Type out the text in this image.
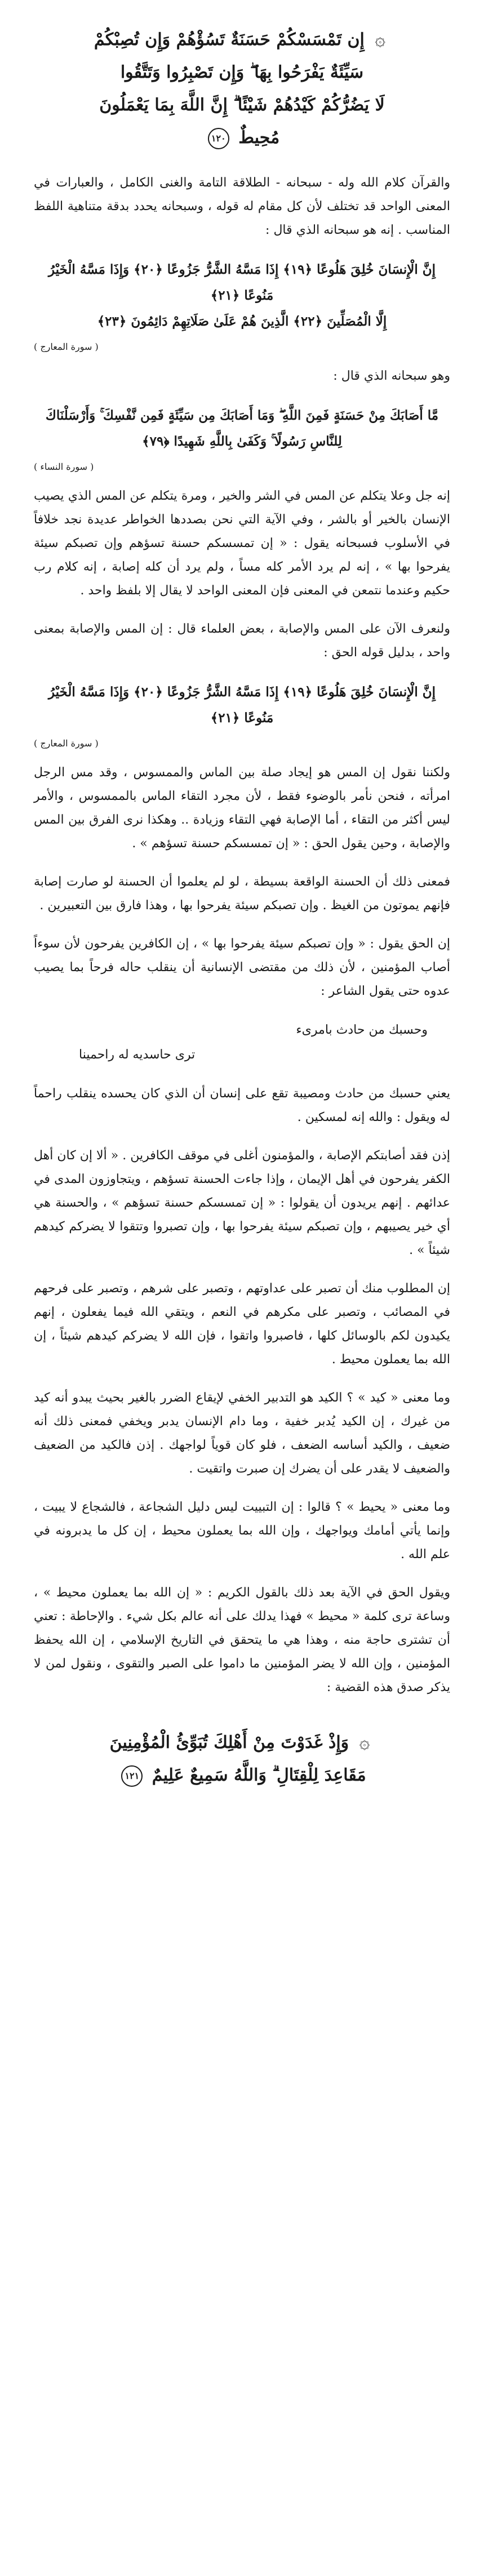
۞ إِن تَمْسَسْكُمْ حَسَنَةٌ تَسُؤْهُمْ وَإِن تُصِبْكُمْ
سَيِّئَةٌ يَفْرَحُوا بِهَا ۖ وَإِن تَصْبِرُوا وَتَتَّقُوا
لَا يَضُرُّكُمْ كَيْدُهُمْ شَيْئًا ۗ إِنَّ اللَّهَ بِمَا يَعْمَلُونَ
مُحِيطٌ ١٢٠

والقرآن كلام الله وله - سبحانه - الطلاقة التامة والغنى الكامل ، والعبارات في المعنى الواحد قد تختلف لأن كل مقام له قوله ، وسبحانه يحدد بدقة متناهية اللفظ المناسب . إنه هو سبحانه الذي قال :

إِنَّ الْإِنسَانَ خُلِقَ هَلُوعًا ﴿١٩﴾ إِذَا مَسَّهُ الشَّرُّ جَزُوعًا ﴿٢٠﴾ وَإِذَا مَسَّهُ الْخَيْرُ مَنُوعًا ﴿٢١﴾
إِلَّا الْمُصَلِّينَ ﴿٢٢﴾ الَّذِينَ هُمْ عَلَىٰ صَلَاتِهِمْ دَائِمُونَ ﴿٢٣﴾
( سورة المعارج )

وهو سبحانه الذي قال :

مَّا أَصَابَكَ مِنْ حَسَنَةٍ فَمِنَ اللَّهِ ۖ وَمَا أَصَابَكَ مِن سَيِّئَةٍ فَمِن نَّفْسِكَ ۚ وَأَرْسَلْنَاكَ
لِلنَّاسِ رَسُولًا ۚ وَكَفَىٰ بِاللَّهِ شَهِيدًا ﴿٧٩﴾
( سورة النساء )

إنه جل وعلا يتكلم عن المس في الشر والخير ، ومرة يتكلم عن المس الذي يصيب الإنسان بالخير أو بالشر ، وفي الآية التي نحن بصددها الخواطر عديدة نجد خلافاً في الأسلوب فسبحانه يقول : « إن تمسسكم حسنة تسؤهم وإن تصبكم سيئة يفرحوا بها » ، إنه لم يرد الأمر كله مساً ، ولم يرد أن كله إصابة ، إنه كلام رب حكيم وعندما نتمعن في المعنى فإن المعنى الواحد لا يقال إلا بلفظ واحد .

ولنعرف الآن على المس والإصابة ، بعض العلماء قال : إن المس والإصابة بمعنى واحد ، بدليل قوله الحق :

إِنَّ الْإِنسَانَ خُلِقَ هَلُوعًا ﴿١٩﴾ إِذَا مَسَّهُ الشَّرُّ جَزُوعًا ﴿٢٠﴾ وَإِذَا مَسَّهُ الْخَيْرُ
مَنُوعًا ﴿٢١﴾
( سورة المعارج )

ولكننا نقول إن المس هو إيجاد صلة بين الماس والممسوس ، وقد مس الرجل امرأته ، فنحن نأمر بالوضوء فقط ، لأن مجرد التقاء الماس بالممسوس ، والأمر ليس أكثر من التقاء ، أما الإصابة فهي التقاء وزيادة .. وهكذا نرى الفرق بين المس والإصابة ، وحين يقول الحق : « إن تمسسكم حسنة تسؤهم » .

فمعنى ذلك أن الحسنة الواقعة بسيطة ، لو لم يعلموا أن الحسنة لو صارت إصابة فإنهم يموتون من الغيظ . وإن تصبكم سيئة يفرحوا بها ، وهذا فارق بين التعبيرين .

إن الحق يقول : « وإن تصبكم سيئة يفرحوا بها » ، إن الكافرين يفرحون لأن سوءاً أصاب المؤمنين ، لأن ذلك من مقتضى الإنسانية أن ينقلب حاله فرحاً بما يصيب عدوه حتى يقول الشاعر :

وحسبك من حادث بامرىء
ترى حاسديه له راحمينا

يعني حسبك من حادث ومصيبة تقع على إنسان أن الذي كان يحسده ينقلب راحماً له ويقول : والله إنه لمسكين .

إذن فقد أصابتكم الإصابة ، والمؤمنون أغلى في موقف الكافرين . « ألا إن كان أهل الكفر يفرحون في أهل الإيمان ، وإذا جاءت الحسنة تسؤهم ، ويتجاوزون المدى في عدائهم . إنهم يريدون أن يقولوا : « إن تمسسكم حسنة تسؤهم » ، والحسنة هي أي خير يصيبهم ، وإن تصبكم سيئة يفرحوا بها ، وإن تصبروا وتتقوا لا يضركم كيدهم شيئاً » .

إن المطلوب منك أن تصبر على عداوتهم ، وتصبر على شرهم ، وتصبر على فرحهم في المصائب ، وتصبر على مكرهم في النعم ، ويتقي الله فيما يفعلون ، إنهم يكيدون لكم بالوسائل كلها ، فاصبروا واتقوا ، فإن الله لا يضركم كيدهم شيئاً ، إن الله بما يعملون محيط .

وما معنى « كيد » ؟ الكيد هو التدبير الخفي لإيقاع الضرر بالغير بحيث يبدو أنه كيد من غيرك ، إن الكيد يُدبر خفية ، وما دام الإنسان يدبر ويخفي فمعنى ذلك أنه ضعيف ، والكيد أساسه الضعف ، فلو كان قوياً لواجهك . إذن فالكيد من الضعيف والضعيف لا يقدر على أن يضرك إن صبرت واتقيت .

وما معنى « يحيط » ؟ قالوا : إن التبييت ليس دليل الشجاعة ، فالشجاع لا يبيت ، وإنما يأتي أمامك ويواجهك ، وإن الله بما يعملون محيط ، إن كل ما يدبرونه في علم الله .

ويقول الحق في الآية بعد ذلك بالقول الكريم : « إن الله بما يعملون محيط » ، وساعة ترى كلمة « محيط » فهذا يدلك على أنه عالم بكل شيء . والإحاطة : تعني أن تشترى حاجة منه ، وهذا هي ما يتحقق في التاريخ الإسلامي ، إن الله يحفظ المؤمنين ، وإن الله لا يضر المؤمنين ما داموا على الصبر والتقوى ، ونقول لمن لا يذكر صدق هذه القضية :

۞ وَإِذْ غَدَوْتَ مِنْ أَهْلِكَ تُبَوِّئُ الْمُؤْمِنِينَ
مَقَاعِدَ لِلْقِتَالِ ۗ وَاللَّهُ سَمِيعٌ عَلِيمٌ ١٢١
